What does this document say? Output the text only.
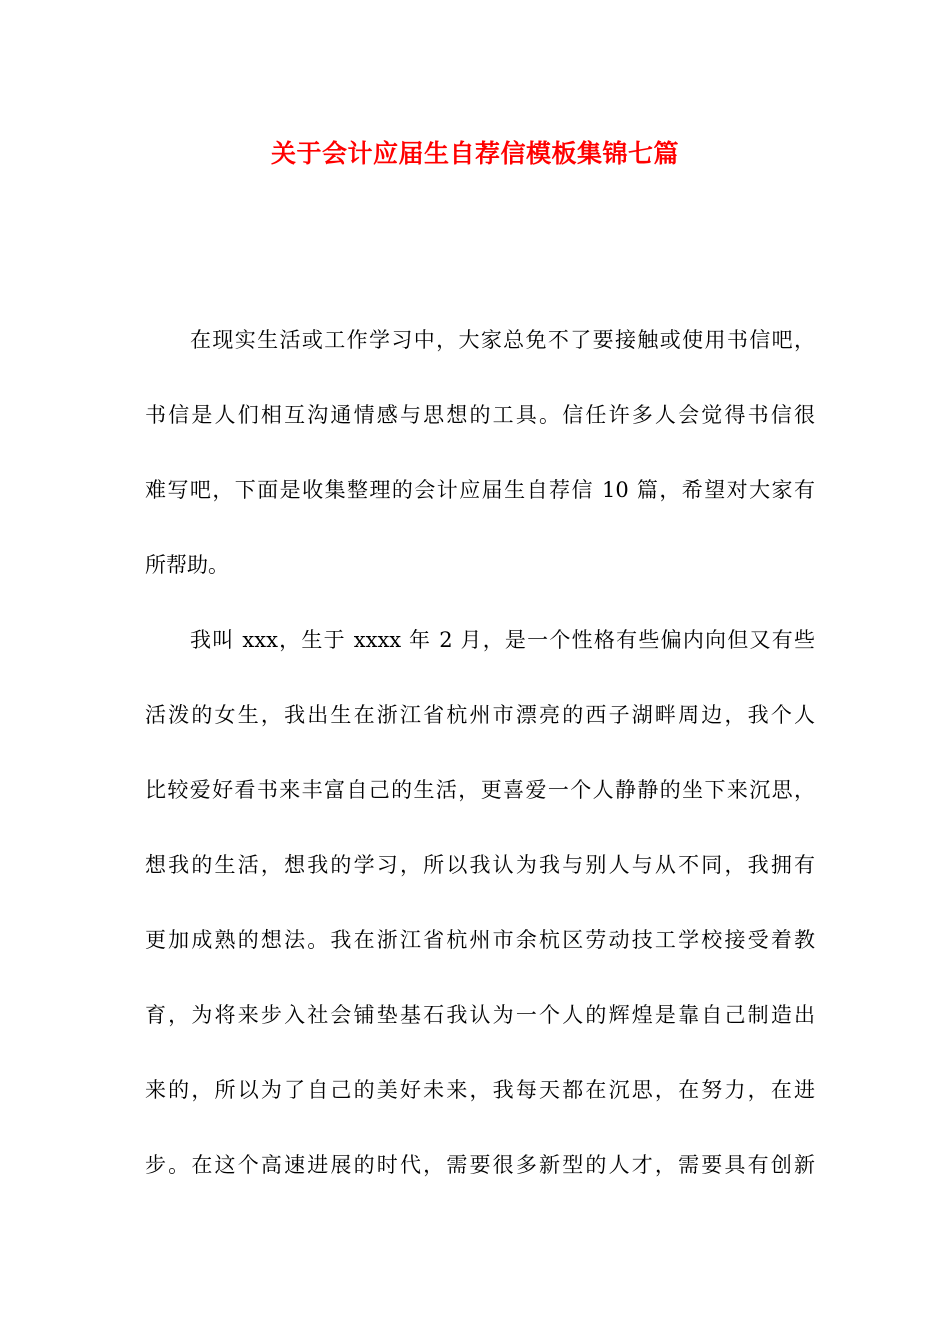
关于会计应届生自荐信模板集锦七篇
在现实生活或工作学习中，大家总免不了要接触或使用书信吧，
书信是人们相互沟通情感与思想的工具。信任许多人会觉得书信很
难写吧，下面是收集整理的会计应届生自荐信 10 篇，希望对大家有
所帮助。
我叫 xxx，生于 xxxx 年 2 月，是一个性格有些偏内向但又有些
活泼的女生，我出生在浙江省杭州市漂亮的西子湖畔周边，我个人
比较爱好看书来丰富自己的生活，更喜爱一个人静静的坐下来沉思，
想我的生活，想我的学习，所以我认为我与别人与从不同，我拥有
更加成熟的想法。我在浙江省杭州市余杭区劳动技工学校接受着教
育，为将来步入社会铺垫基石我认为一个人的辉煌是靠自己制造出
来的，所以为了自己的美好未来，我每天都在沉思，在努力，在进
步。在这个高速进展的时代，需要很多新型的人才，需要具有创新
